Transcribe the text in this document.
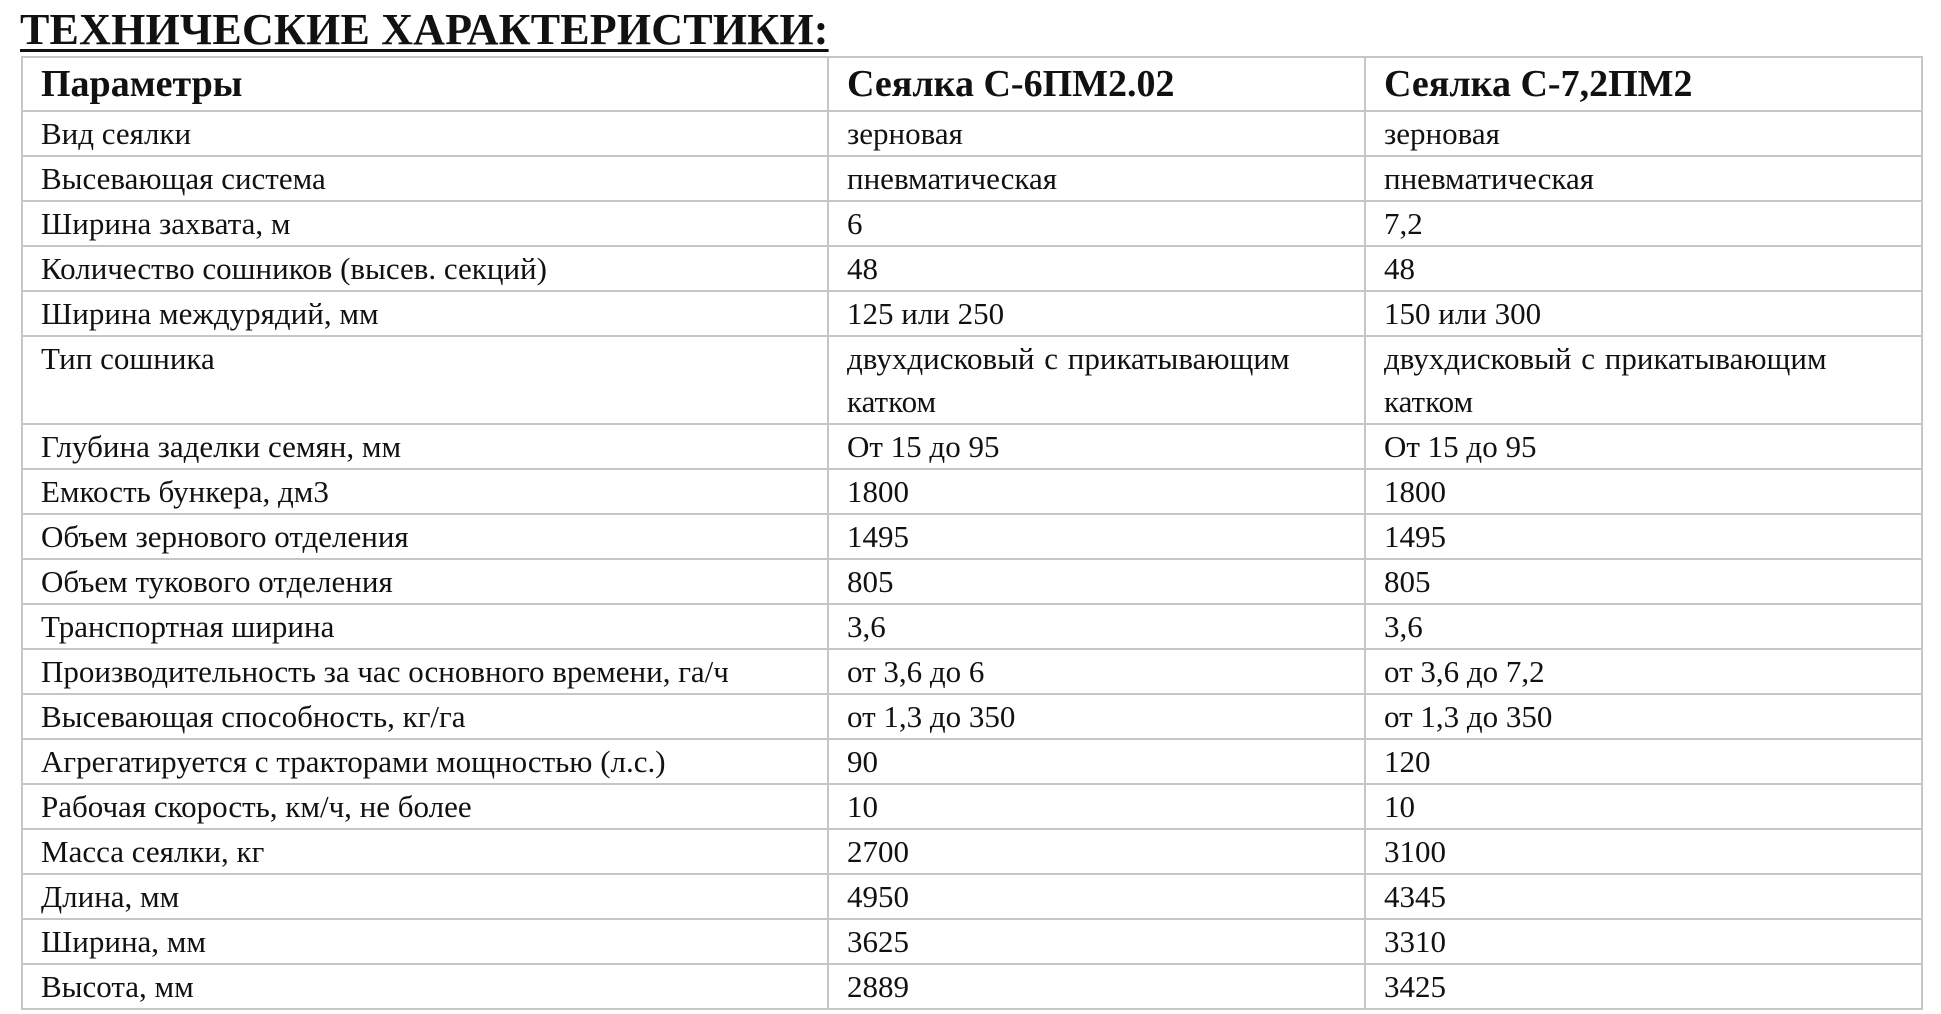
ТЕХНИЧЕСКИЕ ХАРАКТЕРИСТИКИ:
Параметры	Сеялка С-6ПМ2.02	Сеялка С-7,2ПМ2
Вид сеялки	зерновая	зерновая
Высевающая система	пневматическая	пневматическая
Ширина захвата, м	6	7,2
Количество сошников (высев. секций)	48	48
Ширина междурядий, мм	125 или 250	150 или 300
Тип сошника	двухдисковый с прикатывающим катком	двухдисковый с прикатывающим катком
Глубина заделки семян, мм	От 15 до 95	От 15 до 95
Емкость бункера, дм3	1800	1800
Объем зернового отделения	1495	1495
Объем тукового отделения	805	805
Транспортная ширина	3,6	3,6
Производительность за час основного времени, га/ч	от 3,6 до 6	от 3,6 до 7,2
Высевающая способность, кг/га	от 1,3 до 350	от 1,3 до 350
Агрегатируется с тракторами мощностью (л.с.)	90	120
Рабочая скорость, км/ч, не более	10	10
Масса сеялки, кг	2700	3100
Длина, мм	4950	4345
Ширина, мм	3625	3310
Высота, мм	2889	3425
